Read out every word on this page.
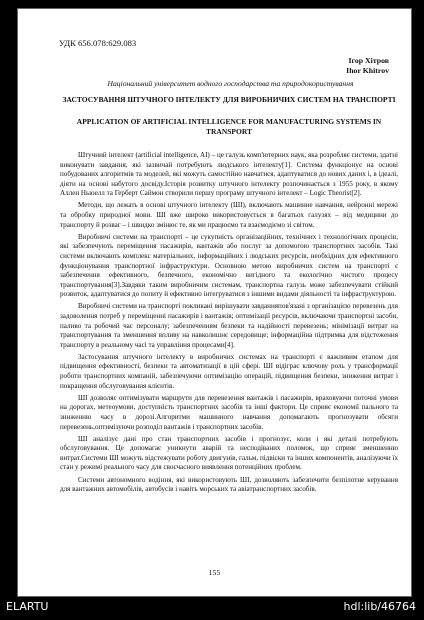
УДК 656.078:629.083
Ігор Хітров
Ihor Khitrov
Національний університет водного господарства та природокористування
ЗАСТОСУВАННЯ ШТУЧНОГО ІНТЕЛЕКТУ ДЛЯ ВИРОБНИЧИХ СИСТЕМ НА ТРАНСПОРТІ
APPLICATION OF ARTIFICIAL INTELLIGENCE FOR MANUFACTURING SYSTEMS IN TRANSPORT

Штучний інтелект (artificial intelligence, AI) – це галузь комп'ютерних наук, яка розробляє системи, здатні виконувати завдання, які зазвичай потребують людського інтелекту[1]. Система функціонує на основі побудованих алгоритмів та моделей, які можуть самостійно навчатися, адаптуватися до нових даних і, в ідеалі, діяти на основі набутого досвіду.Історія розвитку штучного інтелекту розпочинається з 1955 року, в якому Аллен Ньюелл та Герберт Саймон створили першу програму штучного інтелект – Logic Theorist[2].

Методи, що лежать в основі штучного інтелекту (ШІ), включають машинне навчання, нейронні мережі та обробку природної мови. ШІ вже широко використовується в багатьох галузях – від медицини до транспорту й розваг – і швидко змінює те, як ми працюємо та взаємодіємо зі світом.

Виробничі системи на транспорті – це сукупність організаційних, технічних і технологічних процесів, які забезпечують переміщення пасажирів, вантажів або послуг за допомогою транспортних засобів. Такі системи включають комплекс матеріальних, інформаційних і людських ресурсів, необхідних для ефективного функціонування транспортної інфраструктури. Основною метою виробничих систем на транспорті є забезпечення ефективного, безпечного, економічно вигідного та екологічно чистого процесу транспортування[3].Завдяки таким виробничим системам, транспортна галузь може забезпечувати стійкий розвиток, адаптуватися до попиту й ефективно інтегруватися з іншими видами діяльності та інфраструктурою.

Виробничі системи на транспорті покликані вирішувати завданняпов'язані з організацією перевезень для задоволення потреб у переміщенні пасажирів і вантажів; оптимізації ресурсів, включаючи транспортні засоби, паливо та робочий час персоналу; забезпеченням безпеки та надійності перевезень; мінімізації витрат на транспортування та зменшення впливу на навколишнє середовище; інформаційна підтримка для відстеження транспорту в реальному часі та управління процесами[4].

Застосування штучного інтелекту в виробничих системах на транспорті є важливим етапом для підвищення ефективності, безпеки та автоматизації в цій сфері. ШІ відіграє ключову роль у трансформації роботи транспортних компаній, забезпечуючи оптимізацію операцій, підвищення безпеки, зниження витрат і покращення обслуговування клієнтів.

ШІ дозволяє оптимізувати маршрути для перевезення вантажів і пасажирів, враховуючи поточні умови на дорогах, метеоумови, доступність транспортних засобів та інші фактори. Це сприяє економії пального та зниженню часу в дорозі.Алгоритми машинного навчання допомагають прогнозувати обсяги перевезень,оптимізуючи розподіл вантажів і транспортних засобів.

ШІ аналізує дані про стан транспортних засобів і прогнозує, коли і які деталі потребують обслуговування. Це допомагає уникнути аварій та несподіваних поломок, що сприяє зменшенню витрат.Системи ШІ можуть відстежувати роботу двигунів, гальм, підвіски та інших компонентів, аналізуючи їх стан у режимі реального часу для своєчасного виявлення потенційних проблем.

Системи автономного водіння, які використовують ШІ, дозволяють забезпечити безпілотне керування для вантажних автомобілів, автобусів і навіть морських та авіатранспортних засобів.

155
ELARTU	hdl:lib/46764
